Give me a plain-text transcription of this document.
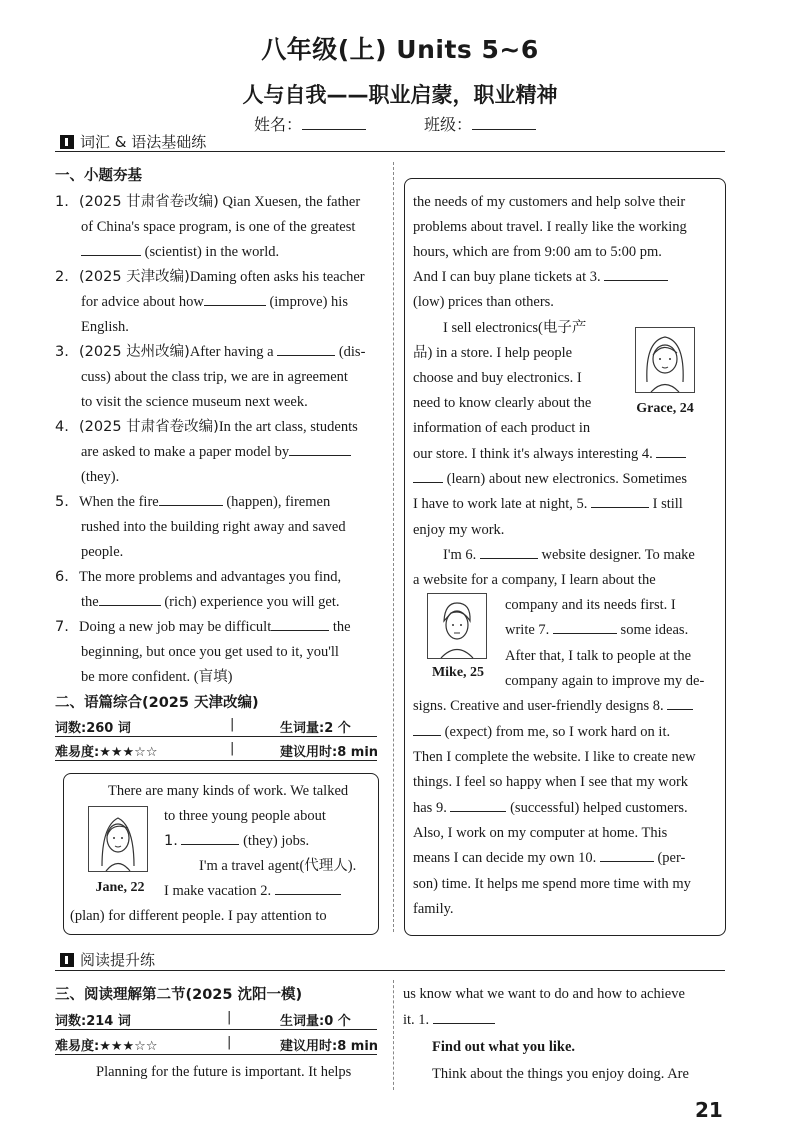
八年级(上) Units 5~6
人与自我——职业启蒙，职业精神
姓名：	班级：
词汇 & 语法基础练
一、小题夯基
1. (2025 甘肃省卷改编) Qian Xuesen, the father
of China's space program, is one of the greatest
(scientist) in the world.
2. (2025 天津改编)Daming often asks his teacher
for advice about how	(improve) his
English.
3. (2025 达州改编)After having a	(dis-
cuss) about the class trip, we are in agreement
to visit the science museum next week.
4. (2025 甘肃省卷改编)In the art class, students
are asked to make a paper model by
(they).
5. When the fire	(happen), firemen
rushed into the building right away and saved
people.
6. The more problems and advantages you find,
the	(rich) experience you will get.
7. Doing a new job may be difficult	the
beginning, but once you get used to it, you'll
be more confident. (盲填)
二、语篇综合(2025 天津改编)
词数:260 词	|	生词量:2 个
难易度:★★★☆☆	|	建议用时:8 min
There are many kinds of work. We talked
to three young people about
1.	(they) jobs.
I'm a travel agent(代理人).
I make vacation 2.
(plan) for different people. I pay attention to
Jane, 22
the needs of my customers and help solve their
problems about travel. I really like the working
hours, which are from 9:00 am to 5:00 pm.
And I can buy plane tickets at 3.
(low) prices than others.
I sell electronics(电子产
品) in a store. I help people
choose and buy electronics. I
need to know clearly about the
information of each product in
Grace, 24
our store. I think it's always interesting 4.
(learn) about new electronics. Sometimes
I have to work late at night, 5.	I still
enjoy my work.
I'm 6.	website designer. To make
a website for a company, I learn about the
Mike, 25
company and its needs first. I
write 7.	some ideas.
After that, I talk to people at the
company again to improve my de-
signs. Creative and user-friendly designs 8.
(expect) from me, so I work hard on it.
Then I complete the website. I like to create new
things. I feel so happy when I see that my work
has 9.	(successful) helped customers.
Also, I work on my computer at home. This
means I can decide my own 10.	(per-
son) time. It helps me spend more time with my
family.
阅读提升练
三、阅读理解第二节(2025 沈阳一模)
词数:214 词	|	生词量:0 个
难易度:★★★☆☆	|	建议用时:8 min
Planning for the future is important. It helps
us know what we want to do and how to achieve
it. 1.
Find out what you like.
Think about the things you enjoy doing. Are
21
